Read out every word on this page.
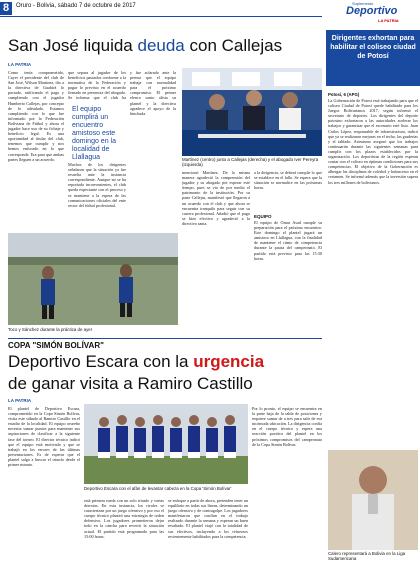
8	Oruro - Bolivia, sábado 7 de octubre de 2017	Suplemento
Deportivo
LA PATRIA
San José liquida deuda con Callejas
LA PATRIA
Como tenía comprometido, Cayet el presidente del club de San José, Wilson Martinez, dio a la directiva de Guabirá lo pactado, ratificando el pago y cumpliendo con el jugador Humberto Callejas, por concepto de lo adeudado. Estamos cumpliendo con lo que fue informado por la Federación Boliviana de Fútbol y ahora el jugador hace uso de su fichaje y beneficio legal. Es una oportunidad al titular del club, tenemos que cumplir y nos hemos enfocado en lo que corresponde. Era para que ambas partes lleguen a un acuerdo.
que separa al jugador de los beneficios pautados conforme a la normativa de la Federación y pagar lo previsto en el acuerdo firmado en presencia del abogado. Se informa que el club ha
El equipo cumplirá un encuentro amistoso este domingo en la localidad de Llallagua
Muchos de los dirigentes señalaron que la situación ya fue resuelta ante la instancia correspondiente. Aunque no se ha reportado inconvenientes, el club queda expectante con el proceso y se mantiene a la espera de las comunicaciones oficiales del ente rector del fútbol profesional.
y fue aclarado ante la prensa que el equipo trabaja con normalidad para el próximo compromiso. El primer elenco santo alista su plantel y la directiva agradece el apoyo de la hinchada.
Martínez (centro) junto a Callejas (derecha) y el abogado Iver Pereyra (izquierda)
mencionó Martínez. De la misma manera agradeció la comprensión del jugador y su abogado por esperar este tiempo, pues se vio de por medio el patrimonio de la institución. Por su parte Callejas, manifestó que llegaron a un acuerdo con el club y que ahora se encuentra tranquilo para seguir con su carrera profesional. Añadió que el pago se hizo efectivo y agradeció a la directiva santa.
a la dirigencia, se deberá cumplir lo que se establece en el fallo. Se espera que la situación se normalice en las próximas horas.
EQUIPO
El equipo de Omar Asad cumple su preparación para el próximo encuentro. Este domingo el plantel jugará un amistoso en Llallagua, con la finalidad de mantener el ritmo de competencia durante la pausa del campeonato. El partido está previsto para las 15:30 horas.
Toco y Sánchez durante la práctica de ayer
Dirigentes exhortan para habilitar el coliseo ciudad de Potosí
Potosí, 6 (APG)
La Gobernación de Potosí está trabajando para que el coliseo Ciudad de Potosí quede habilitado para los Juegos Bolivarianos 2017, según informó el secretario de deportes. Los dirigentes del deporte potosino exhortaron a las autoridades acelerar los trabajos y garantizar que el escenario esté listo. Juan Carlos López, responsable de infraestructura, indicó que ya se realizaron mejoras en el techo, las graderías y el tablado. Asimismo aseguró que los trabajos continuarán durante las siguientes semanas para cumplir con los plazos establecidos por la organización. Los deportistas de la región esperan contar con el coliseo en óptimas condiciones para sus competencias. El objetivo de la Gobernación es albergar las disciplinas de voleibol y baloncesto en el certamen. Se informó además que la inversión supera los tres millones de bolivianos.
Calero representará a Bolivia en la Liga Sudamericana
COPA "SIMÓN BOLÍVAR"
Deportivo Escara con la urgencia
de ganar visita a Ramiro Castillo
LA PATRIA
El plantel de Deportivo Escara, comprometido en la Copa Simón Bolívar, visita este sábado al Ramiro Castillo en el estadio de la localidad. El equipo orureño necesita sumar puntos para mantener sus aspiraciones de clasificar a la siguiente fase del torneo. El director técnico indicó que el equipo está motivado y que se trabajó en los errores de las últimas presentaciones. Es de esperar que el plantel salga a buscar el triunfo desde el primer minuto.
Deportivo Escara con el afán de levantar cabeza en la Copa 'Simón Bolívar'
está primera rueda con un solo triunfo y varias derrotas. En esta instancia, los rivales se caracterizan por un juego ofensivo y por eso el cuerpo técnico planteó una estrategia de orden defensivo. Los jugadores prometieron dejar todo en la cancha para revertir la situación actual. El partido está programado para las 15:00 horas.
se enfoque a partir de ahora, pretenden tener un equilibrio en todas sus líneas, determinando un juego ofensivo y de contragolpe. Los jugadores manifestaron que confían en el trabajo realizado durante la semana y esperan un buen resultado. El plantel viajó con la totalidad de sus efectivos, incluyendo a los refuerzos recientemente habilitados para la competencia.
Por lo pronto, el equipo se encuentra en la parte baja de la tabla de posiciones y requiere sumar de a tres para salir de esa incómoda ubicación. La dirigencia confía en el cuerpo técnico y espera una reacción positiva del plantel en los próximos compromisos del campeonato de la Copa Simón Bolívar.
